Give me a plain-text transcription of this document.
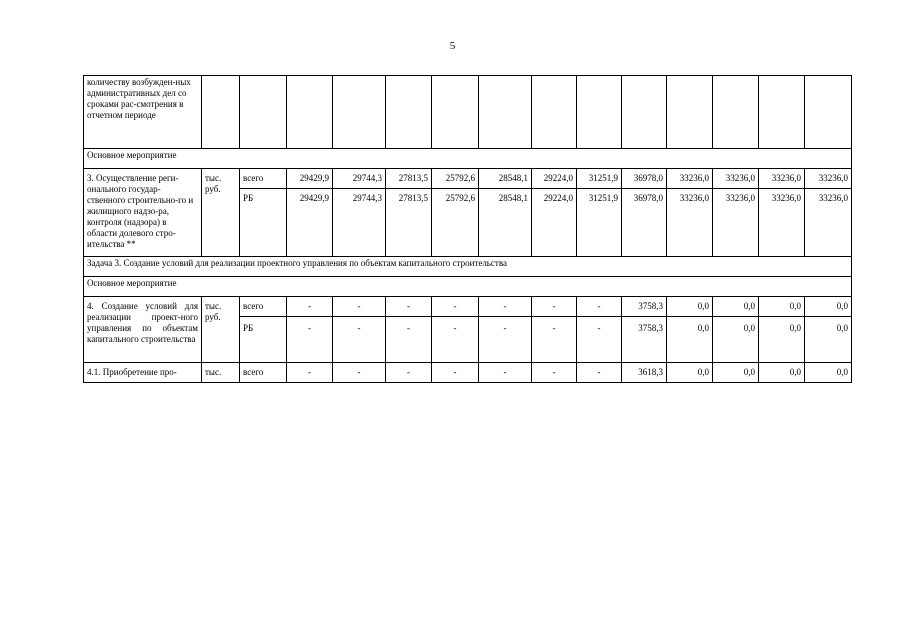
5
количеству возбужден-ных административных дел со сроками рас-смотрения в отчетном периоде														
Основное мероприятие														
3. Осуществление реги-онального государ-ственного строительно-го и жилищного надзо-ра, контроля (надзора) в области долевого стро-ительства **	тыс. руб.	всего	29429,9	29744,3	27813,5	25792,6	28548,1	29224,0	31251,9	36978,0	33236,0	33236,0	33236,0	33236,0
		РБ	29429,9	29744,3	27813,5	25792,6	28548,1	29224,0	31251,9	36978,0	33236,0	33236,0	33236,0	33236,0
Задача 3. Создание условий для реализации проектного управления по объектам капитального строительства														
Основное мероприятие														
4. Создание условий для реализации проект-ного управления по объектам капитального строительства	тыс. руб.	всего	-	-	-	-	-	-	-	3758,3	0,0	0,0	0,0	0,0
		РБ	-	-	-	-	-	-	-	3758,3	0,0	0,0	0,0	0,0
4.1. Приобретение про-	тыс.	всего	-	-	-	-	-	-	-	3618,3	0,0	0,0	0,0	0,0
